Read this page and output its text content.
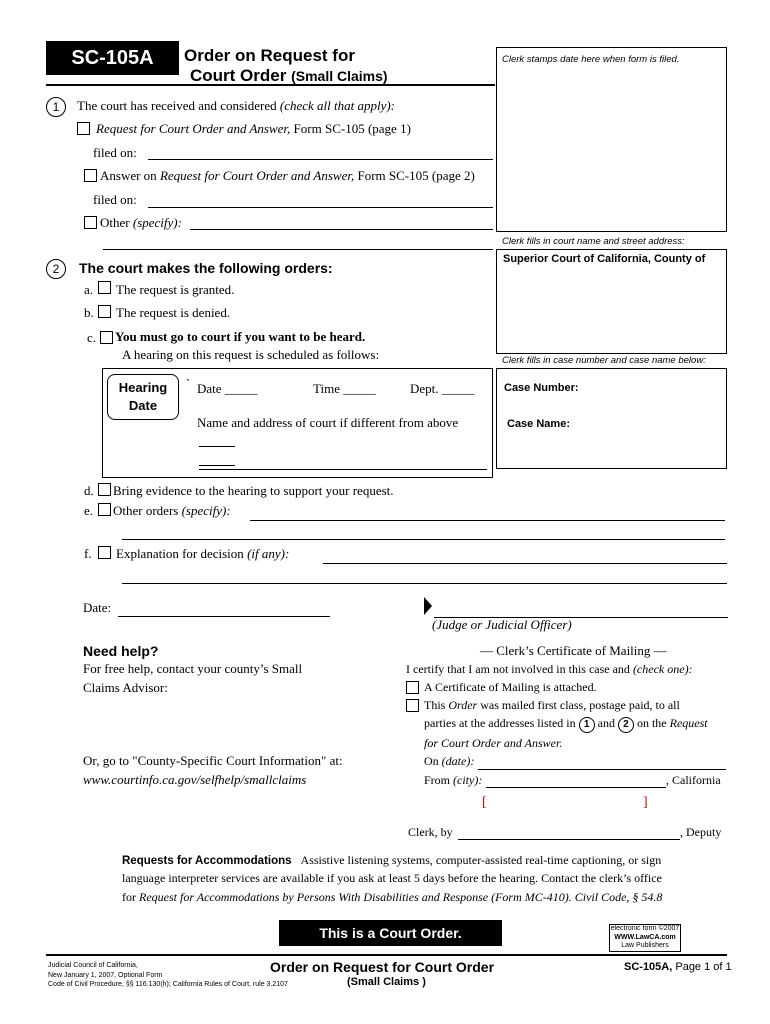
SC-105A	Order on Request for
Court Order (Small Claims)
Clerk stamps date here when form is filed.
Clerk fills in court name and street address:
Superior Court of California, County of
Clerk fills in case number and case name below:
Case Number:
Case Name:
1	The court has received and considered (check all that apply):
Request for Court Order and Answer, Form SC-105 (page 1)
filed on:
Answer on Request for Court Order and Answer, Form SC-105 (page 2)
filed on:
Other (specify):
2	The court makes the following orders:
a. The request is granted.
b. The request is denied.
c. You must go to court if you want to be heard.
A hearing on this request is scheduled as follows:
Hearing
Date
` Date _____	Time _____	Dept. _____
Name and address of court if different from above
d. Bring evidence to the hearing to support your request.
e. Other orders (specify):
f. Explanation for decision (if any):
Date:
(Judge or Judicial Officer)
Need help?
For free help, contact your county’s Small
Claims Advisor:
Or, go to "County-Specific Court Information" at:
www.courtinfo.ca.gov/selfhelp/smallclaims
— Clerk’s Certificate of Mailing —
I certify that I am not involved in this case and (check one):
A Certificate of Mailing is attached.
This Order was mailed first class, postage paid, to all
parties at the addresses listed in 1 and 2 on the Request
for Court Order and Answer.
On (date):
From (city):	, California
[	]
Clerk, by	, Deputy
Requests for Accommodations Assistive listening systems, computer-assisted real-time captioning, or sign
language interpreter services are available if you ask at least 5 days before the hearing. Contact the clerk’s office
for Request for Accommodations by Persons With Disabilities and Response (Form MC-410). Civil Code, § 54.8
This is a Court Order.	electronic form ©2007
WWW.LawCA.com
Law Publishers
Judicial Council of California,
New January 1, 2007, Optional Form
Code of Civil Procedure, §§ 116.130(h); California Rules of Court, rule 3.2107
Order on Request for Court Order
(Small Claims )
SC-105A, Page 1 of 1
